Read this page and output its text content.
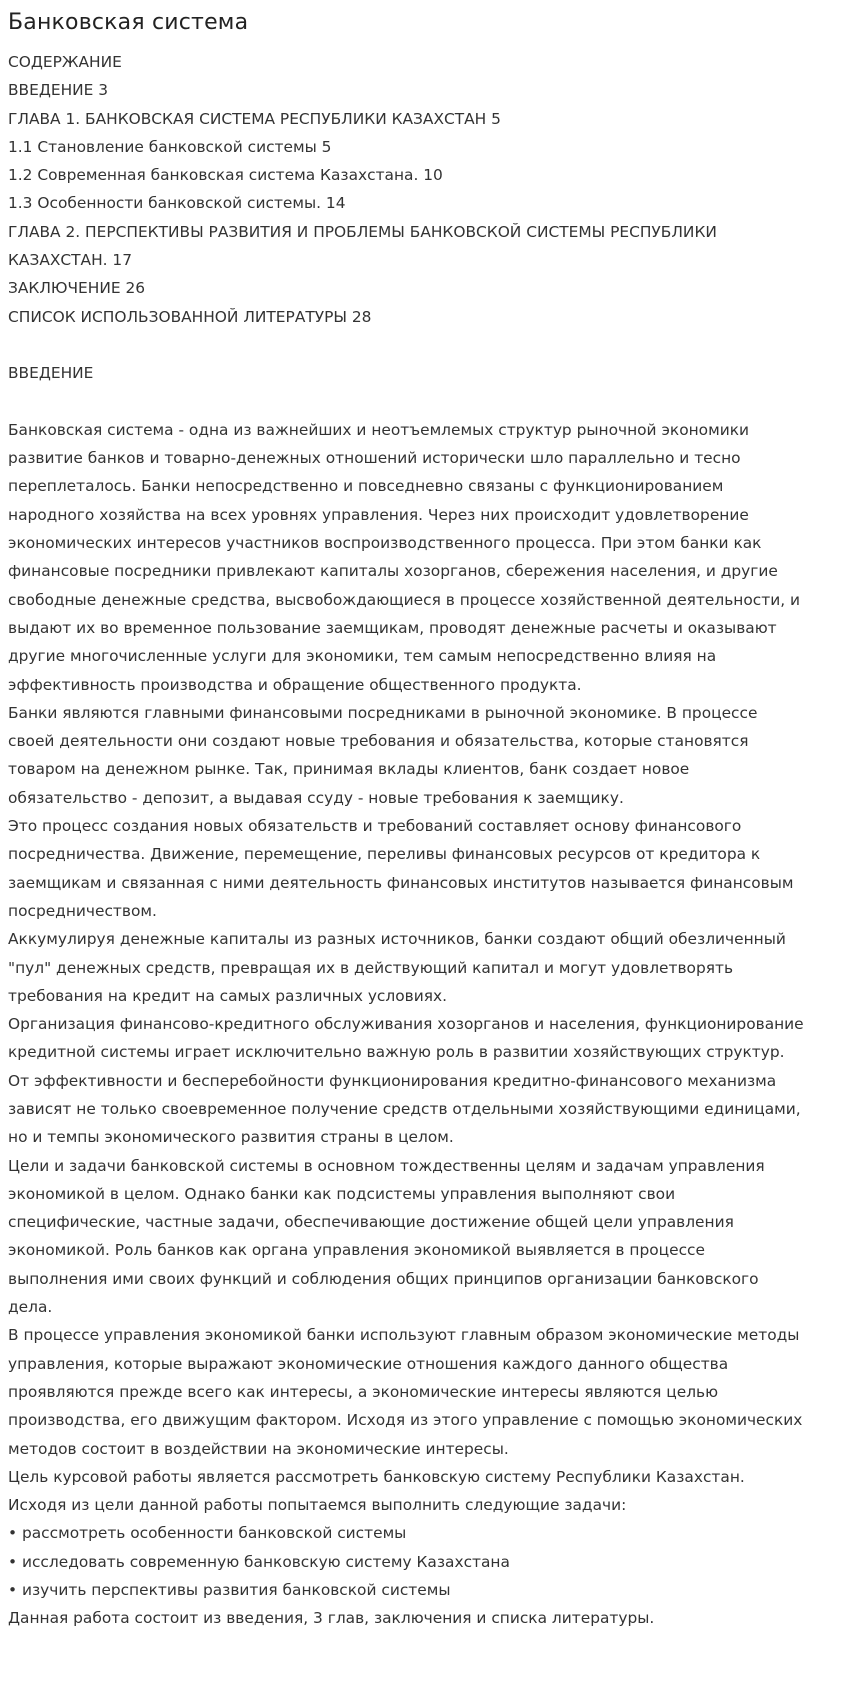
Банковская система
СОДЕРЖАНИЕ
ВВЕДЕНИЕ 3
ГЛАВА 1. БАНКОВСКАЯ СИСТЕМА РЕСПУБЛИКИ КАЗАХСТАН 5
1.1 Становление банковской системы 5
1.2 Современная банковская система Казахстана. 10
1.3 Особенности банковской системы. 14
ГЛАВА 2. ПЕРСПЕКТИВЫ РАЗВИТИЯ И ПРОБЛЕМЫ БАНКОВСКОЙ СИСТЕМЫ РЕСПУБЛИКИ
КАЗАХСТАН. 17
ЗАКЛЮЧЕНИЕ 26
СПИСОК ИСПОЛЬЗОВАННОЙ ЛИТЕРАТУРЫ 28
ВВЕДЕНИЕ
Банковская система - одна из важнейших и неотъемлемых структур рыночной экономики
развитие банков и товарно-денежных отношений исторически шло параллельно и тесно
переплеталось. Банки непосредственно и повседневно связаны с функционированием
народного хозяйства на всех уровнях управления. Через них происходит удовлетворение
экономических интересов участников воспроизводственного процесса. При этом банки как
финансовые посредники привлекают капиталы хозорганов, сбережения населения, и другие
свободные денежные средства, высвобождающиеся в процессе хозяйственной деятельности, и
выдают их во временное пользование заемщикам, проводят денежные расчеты и оказывают
другие многочисленные услуги для экономики, тем самым непосредственно влияя на
эффективность производства и обращение общественного продукта.
Банки являются главными финансовыми посредниками в рыночной экономике. В процессе
своей деятельности они создают новые требования и обязательства, которые становятся
товаром на денежном рынке. Так, принимая вклады клиентов, банк создает новое
обязательство - депозит, а выдавая ссуду - новые требования к заемщику.
Это процесс создания новых обязательств и требований составляет основу финансового
посредничества. Движение, перемещение, переливы финансовых ресурсов от кредитора к
заемщикам и связанная с ними деятельность финансовых институтов называется финансовым
посредничеством.
Аккумулируя денежные капиталы из разных источников, банки создают общий обезличенный
"пул" денежных средств, превращая их в действующий капитал и могут удовлетворять
требования на кредит на самых различных условиях.
Организация финансово-кредитного обслуживания хозорганов и населения, функционирование
кредитной системы играет исключительно важную роль в развитии хозяйствующих структур.
От эффективности и бесперебойности функционирования кредитно-финансового механизма
зависят не только своевременное получение средств отдельными хозяйствующими единицами,
но и темпы экономического развития страны в целом.
Цели и задачи банковской системы в основном тождественны целям и задачам управления
экономикой в целом. Однако банки как подсистемы управления выполняют свои
специфические, частные задачи, обеспечивающие достижение общей цели управления
экономикой. Роль банков как органа управления экономикой выявляется в процессе
выполнения ими своих функций и соблюдения общих принципов организации банковского
дела.
В процессе управления экономикой банки используют главным образом экономические методы
управления, которые выражают экономические отношения каждого данного общества
проявляются прежде всего как интересы, а экономические интересы являются целью
производства, его движущим фактором. Исходя из этого управление с помощью экономических
методов состоит в воздействии на экономические интересы.
Цель курсовой работы является рассмотреть банковскую систему Республики Казахстан.
Исходя из цели данной работы попытаемся выполнить следующие задачи:
• рассмотреть особенности банковской системы
• исследовать современную банковскую систему Казахстана
• изучить перспективы развития банковской системы
Данная работа состоит из введения, 3 глав, заключения и списка литературы.
